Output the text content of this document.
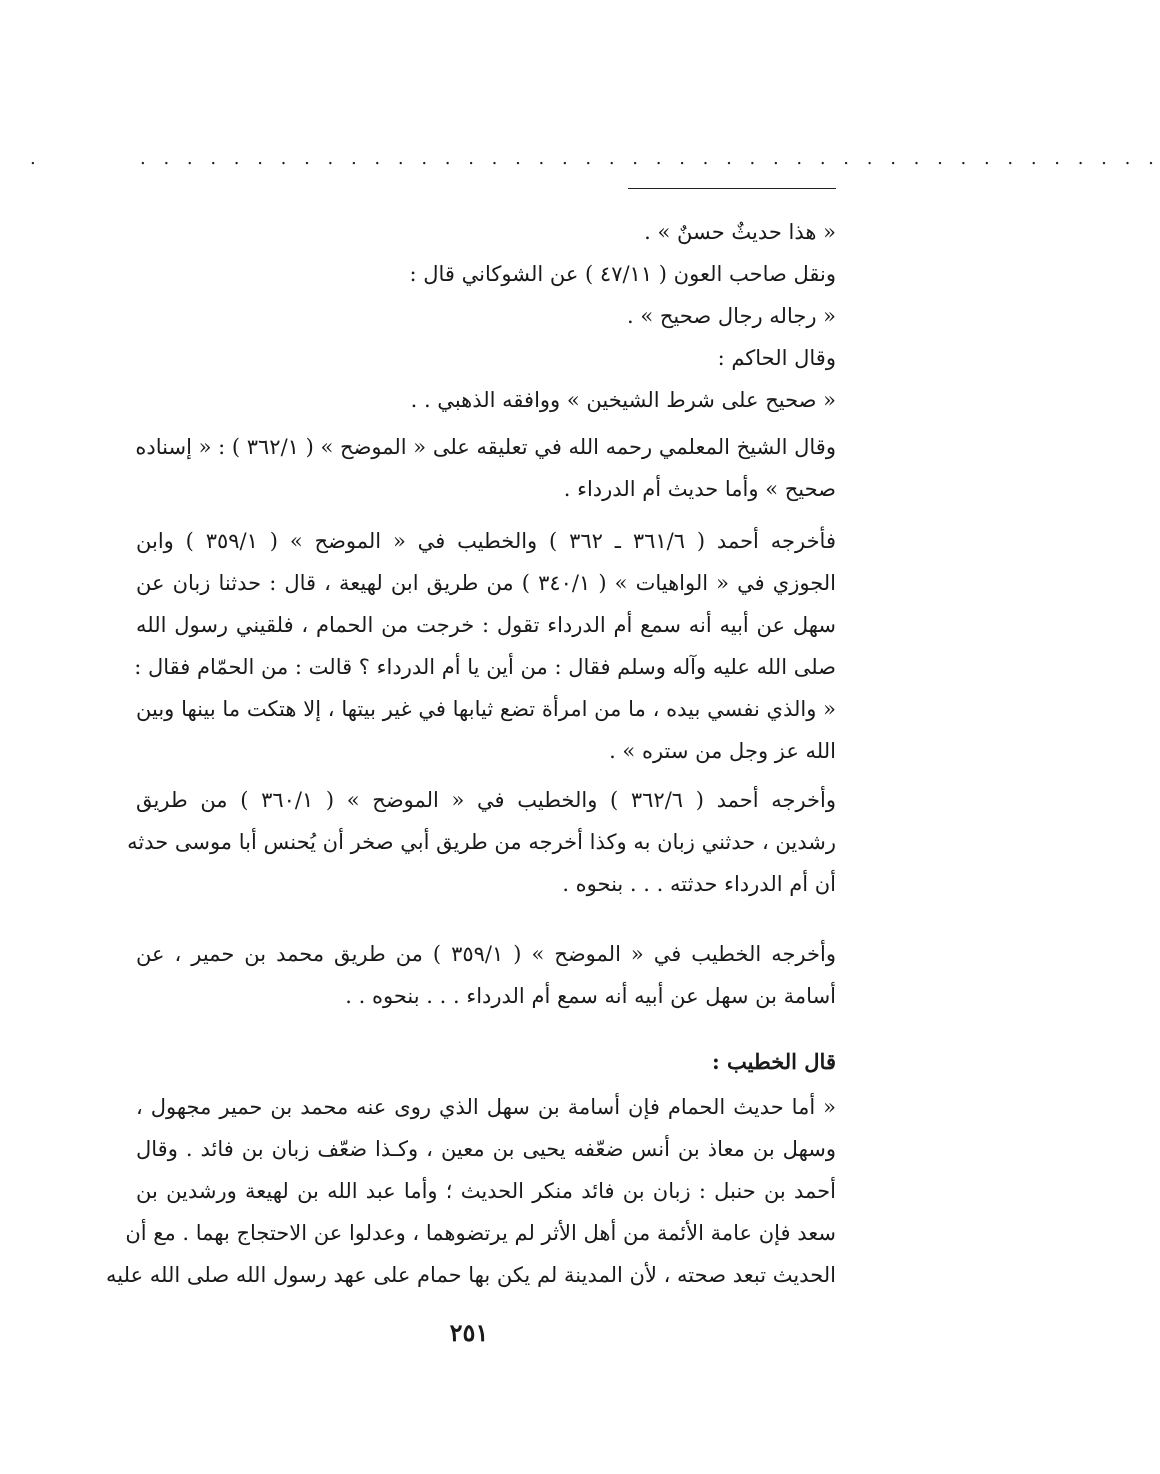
. . . . . . . . . . . . . . . . . . . . . . . . . . . . . . . . . . . . . . . . . . . .
.
« هذا حديثٌ حسنٌ » .
ونقل صاحب العون ( ٤٧/١١ ) عن الشوكاني قال :
« رجاله رجال صحيح » .
وقال الحاكم :
« صحيح على شرط الشيخين » ووافقه الذهبي . .
وقال الشيخ المعلمي رحمه الله في تعليقه على « الموضح » ( ٣٦٢/١ ) : « إسناده
صحيح » وأما حديث أم الدرداء .
فأخرجه أحمد ( ٣٦١/٦ ـ ٣٦٢ ) والخطيب في « الموضح » ( ٣٥٩/١ ) وابن
الجوزي في « الواهيات » ( ٣٤٠/١ ) من طريق ابن لهيعة ، قال : حدثنا زبان عن
سهل عن أبيه أنه سمع أم الدرداء تقول : خرجت من الحمام ، فلقيني رسول الله
صلى الله عليه وآله وسلم فقال : من أين يا أم الدرداء ؟ قالت : من الحمّام فقال :
« والذي نفسي بيده ، ما من امرأة تضع ثيابها في غير بيتها ، إلا هتكت ما بينها وبين
الله عز وجل من ستره » .
وأخرجه أحمد ( ٣٦٢/٦ ) والخطيب في « الموضح » ( ٣٦٠/١ ) من طريق
رشدين ، حدثني زبان به وكذا أخرجه من طريق أبي صخر أن يُحنس أبا موسى حدثه
أن أم الدرداء حدثته . . . بنحوه .
وأخرجه الخطيب في « الموضح » ( ٣٥٩/١ ) من طريق محمد بن حمير ، عن
أسامة بن سهل عن أبيه أنه سمع أم الدرداء . . . بنحوه . .
قال الخطيب :
« أما حديث الحمام فإن أسامة بن سهل الذي روى عنه محمد بن حمير مجهول ،
وسهل بن معاذ بن أنس ضعّفه يحيى بن معين ، وكـذا ضعّف زبان بن فائد . وقال
أحمد بن حنبل : زبان بن فائد منكر الحديث ؛ وأما عبد الله بن لهيعة ورشدين بن
سعد فإن عامة الأئمة من أهل الأثر لم يرتضوهما ، وعدلوا عن الاحتجاج بهما . مع أن
الحديث تبعد صحته ، لأن المدينة لم يكن بها حمام على عهد رسول الله صلى الله عليه
٢٥١
